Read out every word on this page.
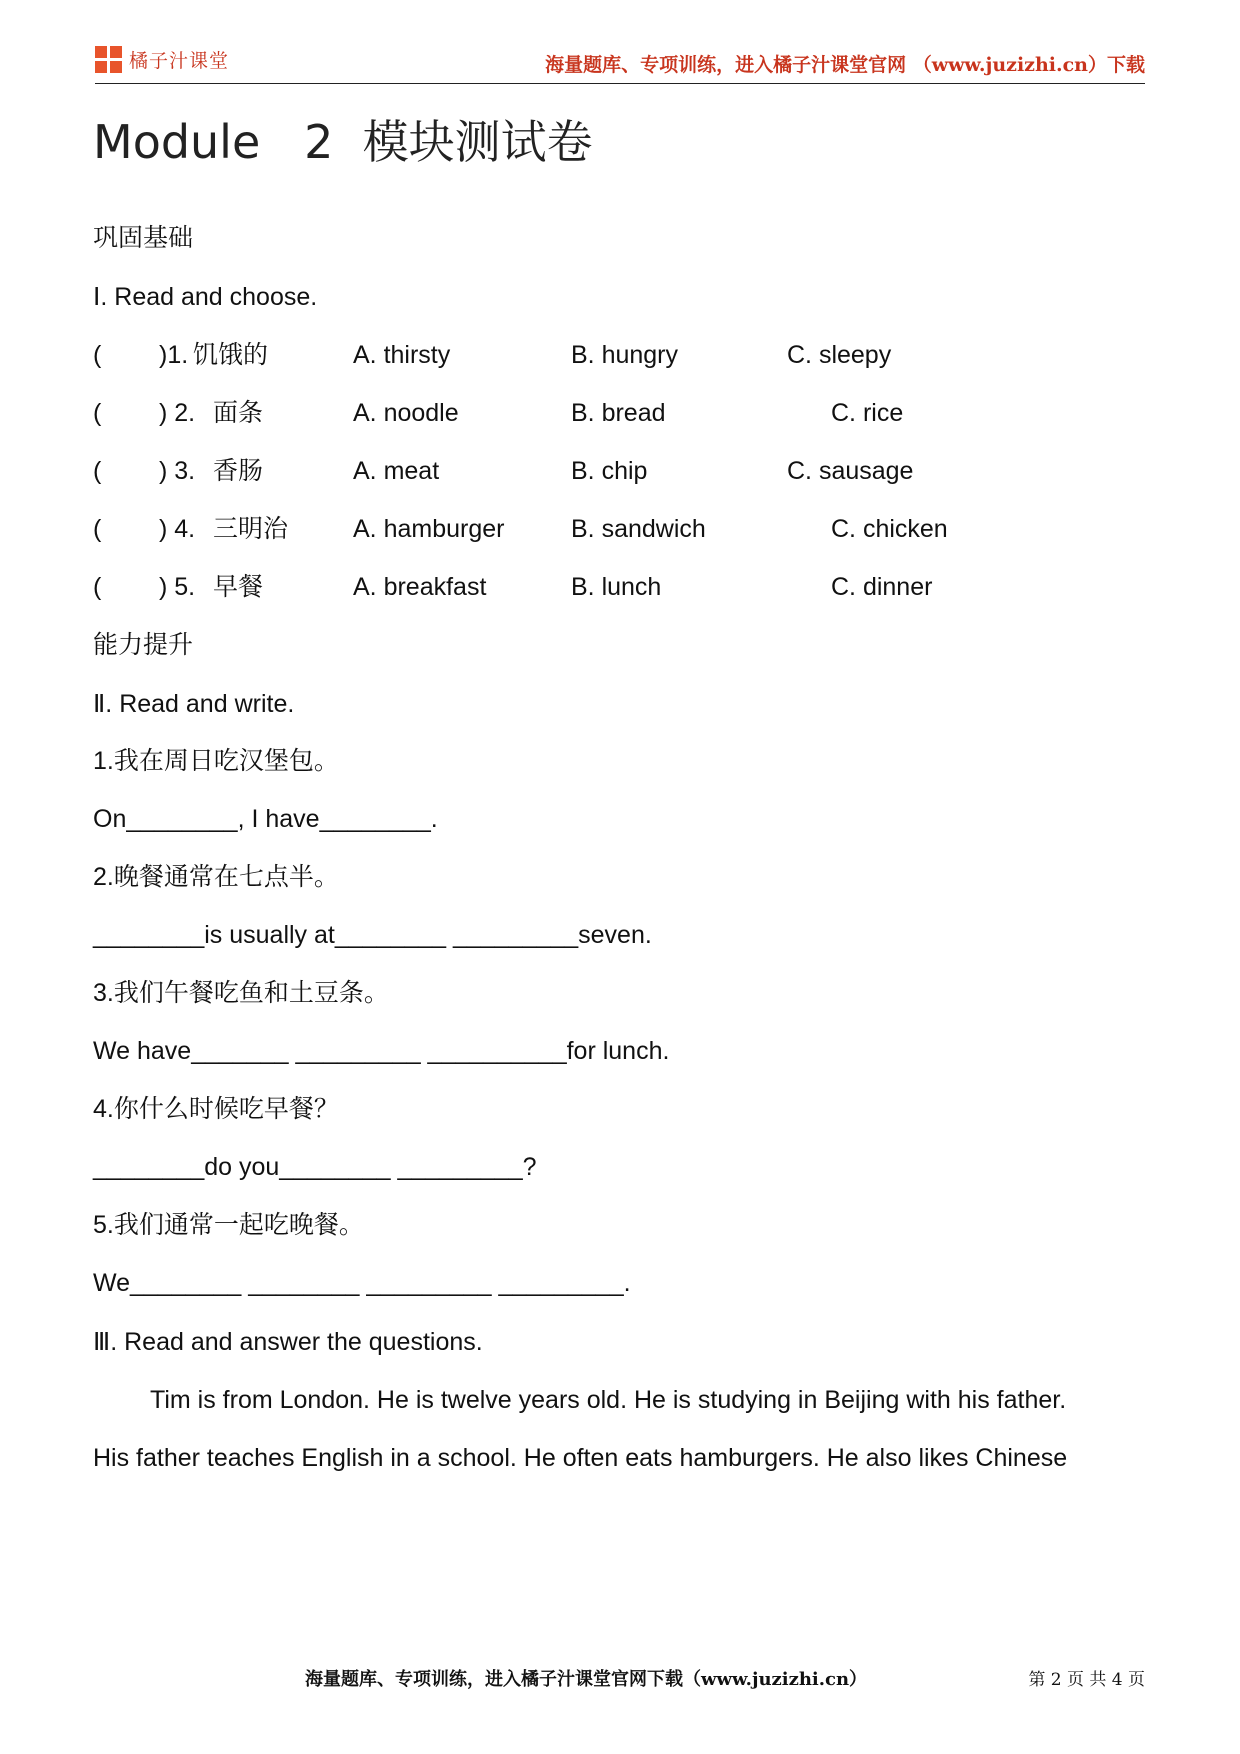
橘子汁课堂	海量题库、专项训练，进入橘子汁课堂官网 （www.juzizhi.cn）下载
Module   2  模块测试卷
巩固基础
Ⅰ. Read and choose.
( )1. 饥饿的	A. thirsty	B. hungry	C. sleepy
( ) 2. 面条	A. noodle	B. bread	C. rice
( ) 3. 香肠	A. meat	B. chip	C. sausage
( ) 4. 三明治	A. hamburger	B. sandwich	C. chicken
( ) 5. 早餐	A. breakfast	B. lunch	C. dinner
能力提升
Ⅱ. Read and write.
1.我在周日吃汉堡包。
On________, I have________.
2.晚餐通常在七点半。
________is usually at________ _________seven.
3.我们午餐吃鱼和土豆条。
We have_______ _________ __________for lunch.
4.你什么时候吃早餐？
________do you________ _________?
5.我们通常一起吃晚餐。
We________ ________ _________ _________.
Ⅲ. Read and answer the questions.
Tim is from London. He is twelve years old. He is studying in Beijing with his father.
His father teaches English in a school. He often eats hamburgers. He also likes Chinese
海量题库、专项训练，进入橘子汁课堂官网下载（www.juzizhi.cn）	第 2 页 共 4 页
